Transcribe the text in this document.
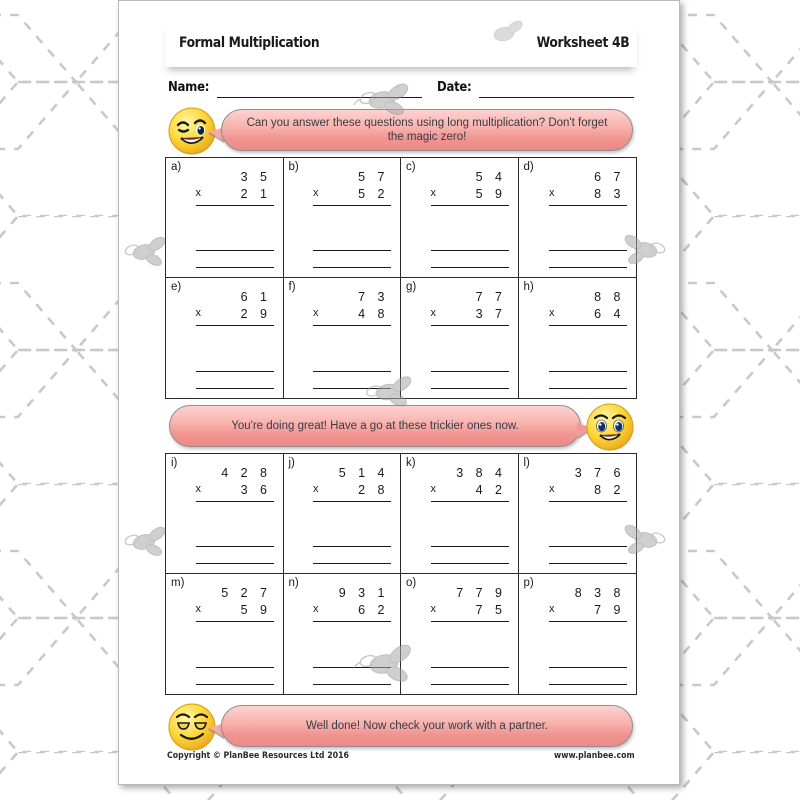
Formal Multiplication	Worksheet 4B
Name:	Date:
Can you answer these questions using long multiplication? Don't forget the magic zero!
a)
3 5
x	2 1
b)
5 7
x	5 2
c)
5 4
x	5 9
d)
6 7
x	8 3
e)
6 1
x	2 9
f)
7 3
x	4 8
g)
7 7
x	3 7
h)
8 8
x	6 4
You're doing great! Have a go at these trickier ones now.
i)
4 2 8
x	3 6
j)
5 1 4
x	2 8
k)
3 8 4
x	4 2
l)
3 7 6
x	8 2
m)
5 2 7
x	5 9
n)
9 3 1
x	6 2
o)
7 7 9
x	7 5
p)
8 3 8
x	7 9
Well done! Now check your work with a partner.
Copyright © PlanBee Resources Ltd 2016	www.planbee.com
